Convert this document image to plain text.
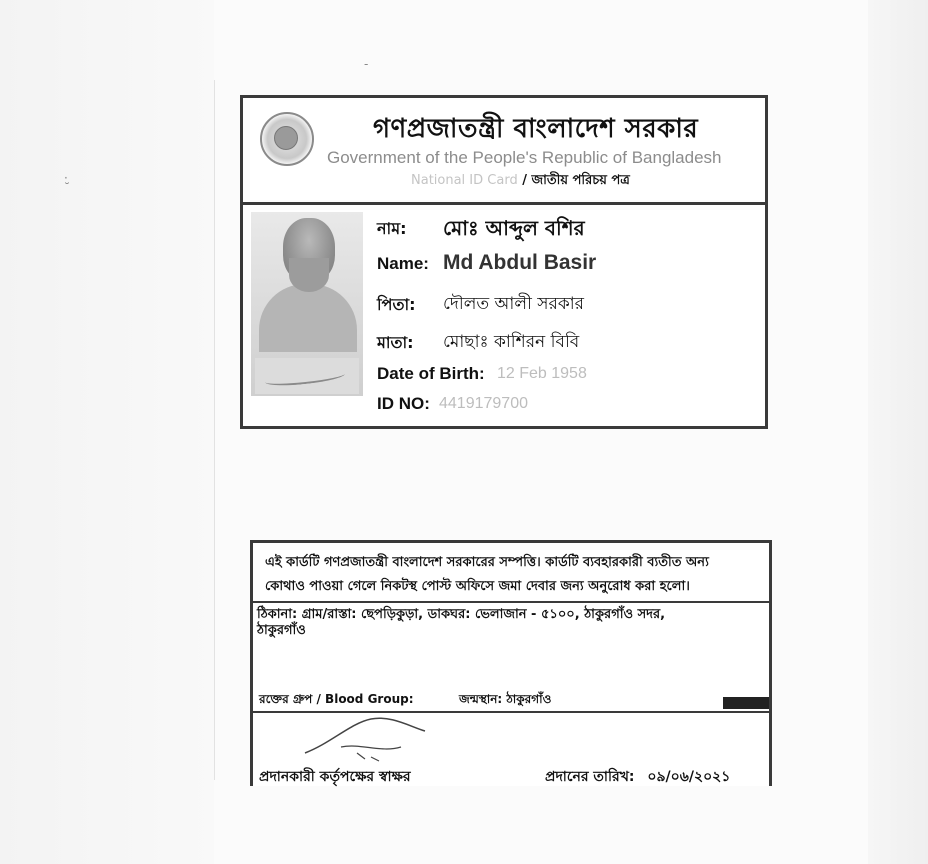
-
·
˘
গণপ্রজাতন্ত্রী বাংলাদেশ সরকার
Government of the People's Republic of Bangladesh
National ID Card / জাতীয় পরিচয় পত্র
নাম: মোঃ আব্দুল বশির
Name: Md Abdul Basir
পিতা: দৌলত আলী সরকার
মাতা: মোছাঃ কাশিরন বিবি
Date of Birth: 12 Feb 1958
ID NO: 4419179700
এই কার্ডটি গণপ্রজাতন্ত্রী বাংলাদেশ সরকারের সম্পত্তি। কার্ডটি ব্যবহারকারী ব্যতীত অন্য
কোথাও পাওয়া গেলে নিকটস্থ পোস্ট অফিসে জমা দেবার জন্য অনুরোধ করা হলো।
ঠিকানা: গ্রাম/রাস্তা: ছেপড়িকুড়া, ডাকঘর: ভেলাজান - ৫১০০, ঠাকুরগাঁও সদর,
ঠাকুরগাঁও
রক্তের গ্রুপ / Blood Group:	জন্মস্থান: ঠাকুরগাঁও
প্রদানকারী কর্তৃপক্ষের স্বাক্ষর	প্রদানের তারিখ: ০৯/০৬/২০২১
